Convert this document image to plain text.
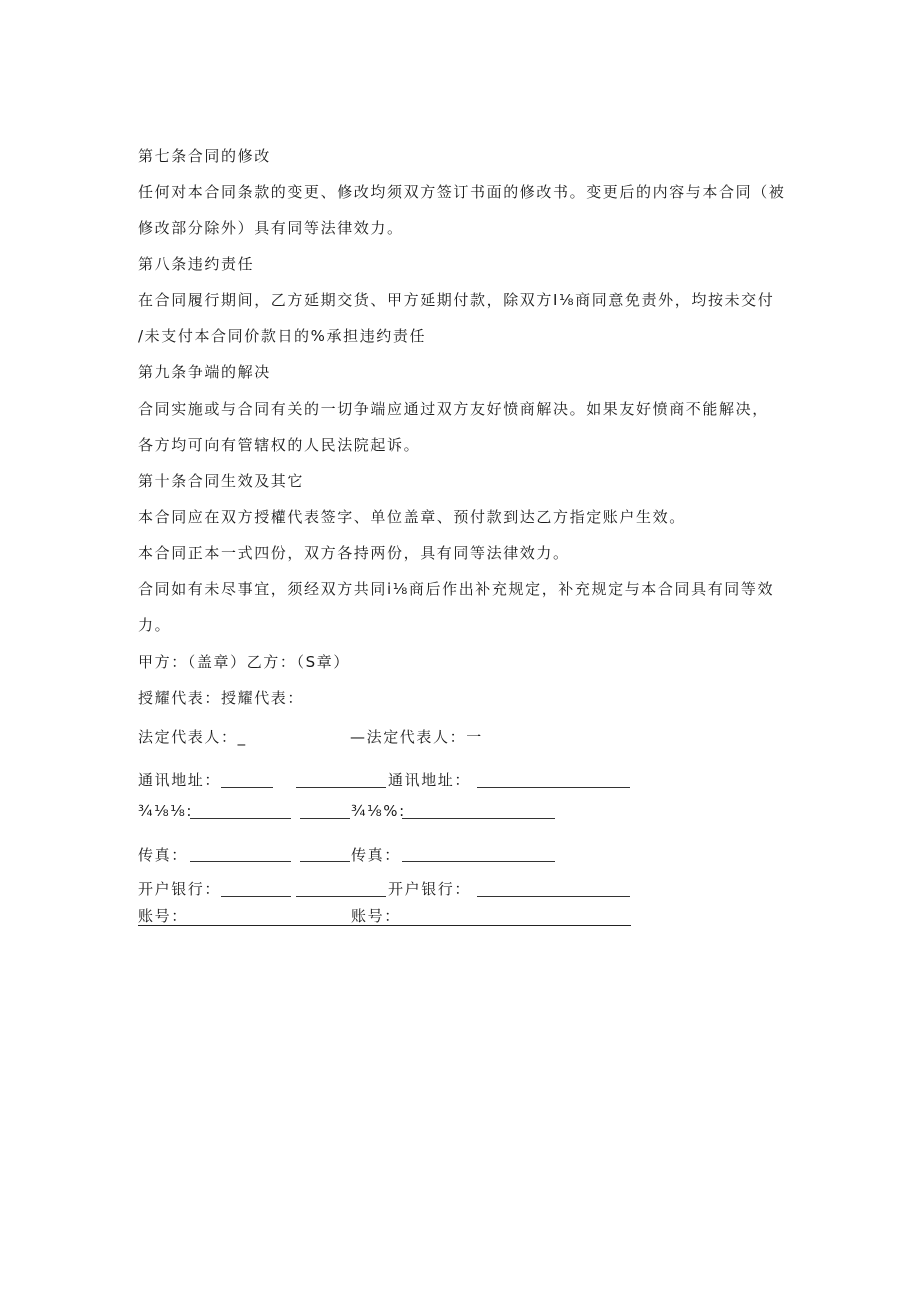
第七条合同的修改
任何对本合同条款的变更、修改均须双方签订书面的修改书。变更后的内容与本合同（被
修改部分除外）具有同等法律效力。
第八条违约责任
在合同履行期间，乙方延期交货、甲方延期付款，除双方I⅛商同意免责外，均按未交付
/未支付本合同价款日的%承担违约责任
第九条争端的解决
合同实施或与合同有关的一切争端应通过双方友好愤商解决。如果友好愤商不能解决，
各方均可向有管辖权的人民法院起诉。
第十条合同生效及其它
本合同应在双方授權代表签字、单位盖章、预付款到达乙方指定账户生效。
本合同正本一式四份，双方各持两份，具有同等法律效力。
合同如有未尽事宜，须经双方共同i⅛商后作出补充规定，补充规定与本合同具有同等效
力。
甲方：（盖章）乙方：（S章）
授耀代表：授耀代表：
法定代表人：_	—法定代表人：一
通讯地址：	通讯地址：
¾⅛⅛:	¾⅛%:
传真：	传真：
开户银行：	开户银行：
账号：	账号：
